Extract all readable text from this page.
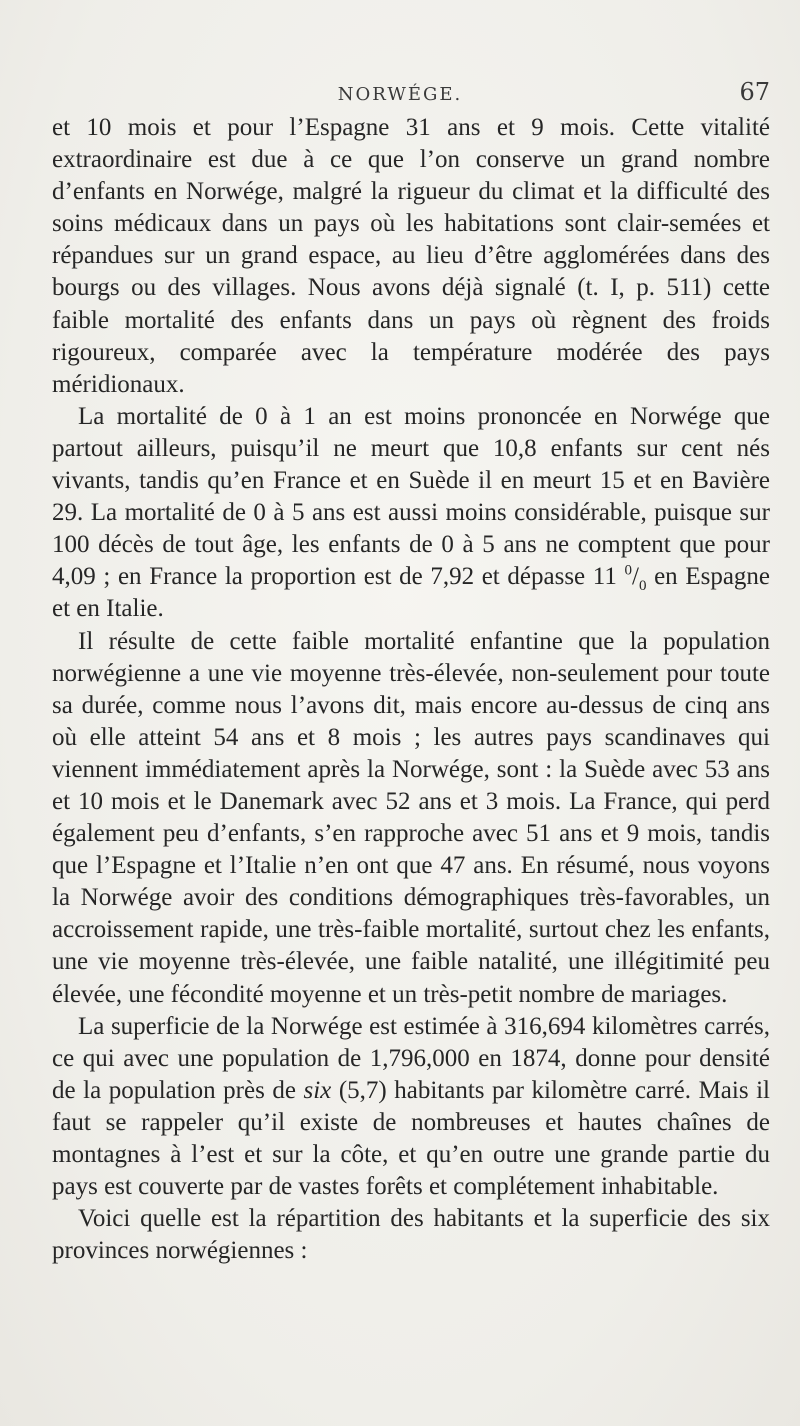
NORWÉGE.	67

et 10 mois et pour l’Espagne 31 ans et 9 mois. Cette vitalité extraordinaire est due à ce que l’on conserve un grand nombre d’enfants en Norwége, malgré la rigueur du climat et la difficulté des soins médicaux dans un pays où les habitations sont clair-semées et répandues sur un grand espace, au lieu d’être agglomérées dans des bourgs ou des villages. Nous avons déjà signalé (t. I, p. 511) cette faible mortalité des enfants dans un pays où règnent des froids rigoureux, comparée avec la température modérée des pays méridionaux.

La mortalité de 0 à 1 an est moins prononcée en Norwége que partout ailleurs, puisqu’il ne meurt que 10,8 enfants sur cent nés vivants, tandis qu’en France et en Suède il en meurt 15 et en Bavière 29. La mortalité de 0 à 5 ans est aussi moins considérable, puisque sur 100 décès de tout âge, les enfants de 0 à 5 ans ne comptent que pour 4,09 ; en France la proportion est de 7,92 et dépasse 11 $^0/_0$ en Espagne et en Italie.

Il résulte de cette faible mortalité enfantine que la population norwégienne a une vie moyenne très-élevée, non-seulement pour toute sa durée, comme nous l’avons dit, mais encore au-dessus de cinq ans où elle atteint 54 ans et 8 mois ; les autres pays scandinaves qui viennent immédiatement après la Norwége, sont : la Suède avec 53 ans et 10 mois et le Danemark avec 52 ans et 3 mois. La France, qui perd également peu d’enfants, s’en rapproche avec 51 ans et 9 mois, tandis que l’Espagne et l’Italie n’en ont que 47 ans. En résumé, nous voyons la Norwége avoir des conditions démographiques très-favorables, un accroissement rapide, une très-faible mortalité, surtout chez les enfants, une vie moyenne très-élevée, une faible natalité, une illégitimité peu élevée, une fécondité moyenne et un très-petit nombre de mariages.

La superficie de la Norwége est estimée à 316,694 kilomètres carrés, ce qui avec une population de 1,796,000 en 1874, donne pour densité de la population près de six (5,7) habitants par kilomètre carré. Mais il faut se rappeler qu’il existe de nombreuses et hautes chaînes de montagnes à l’est et sur la côte, et qu’en outre une grande partie du pays est couverte par de vastes forêts et complétement inhabitable.

Voici quelle est la répartition des habitants et la superficie des six provinces norwégiennes :
